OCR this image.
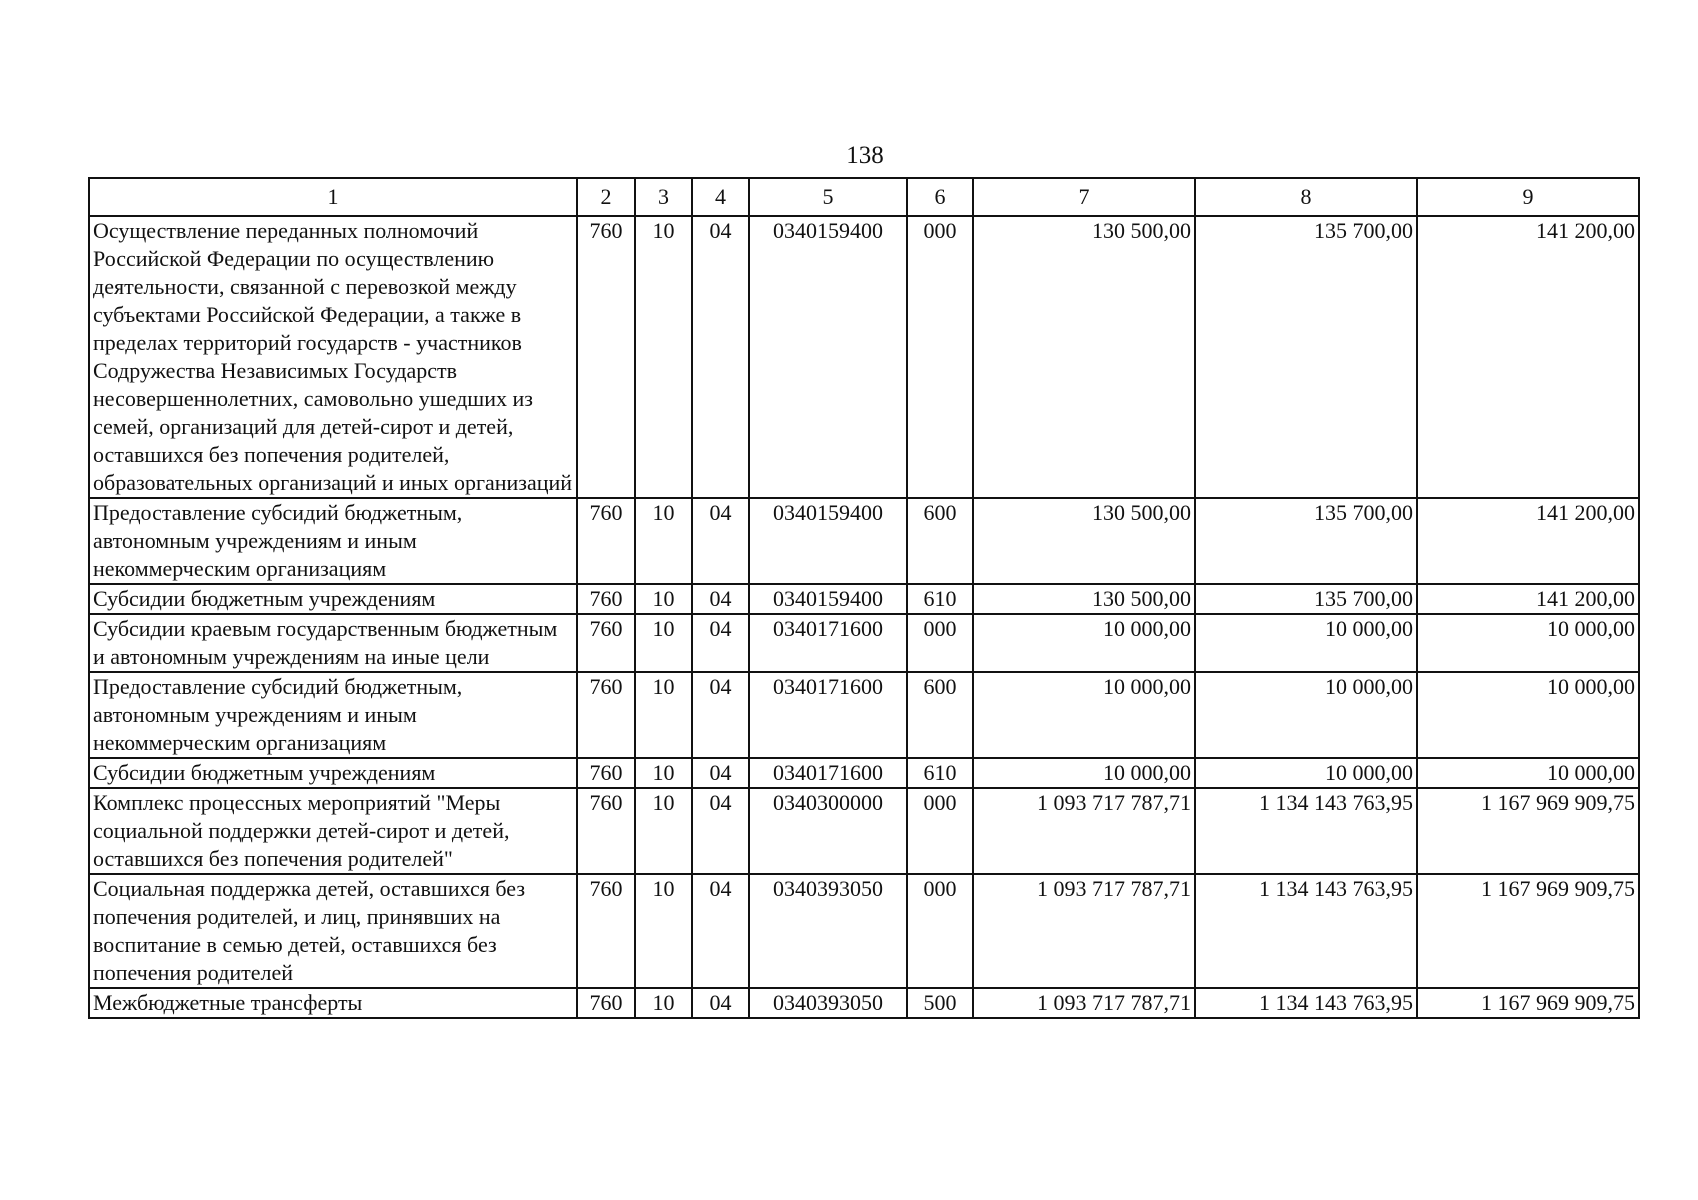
138
1	2	3	4	5	6	7	8	9
Осуществление переданных полномочий Российской Федерации по осуществлению деятельности, связанной с перевозкой между субъектами Российской Федерации, а также в пределах территорий государств - участников Содружества Независимых Государств несовершеннолетних, самовольно ушедших из семей, организаций для детей-сирот и детей, оставшихся без попечения родителей, образовательных организаций и иных организаций	760	10	04	0340159400	000	130 500,00	135 700,00	141 200,00
Предоставление субсидий бюджетным, автономным учреждениям и иным некоммерческим организациям	760	10	04	0340159400	600	130 500,00	135 700,00	141 200,00
Субсидии бюджетным учреждениям	760	10	04	0340159400	610	130 500,00	135 700,00	141 200,00
Субсидии краевым государственным бюджетным и автономным учреждениям на иные цели	760	10	04	0340171600	000	10 000,00	10 000,00	10 000,00
Предоставление субсидий бюджетным, автономным учреждениям и иным некоммерческим организациям	760	10	04	0340171600	600	10 000,00	10 000,00	10 000,00
Субсидии бюджетным учреждениям	760	10	04	0340171600	610	10 000,00	10 000,00	10 000,00
Комплекс процессных мероприятий "Меры социальной поддержки детей-сирот и детей, оставшихся без попечения родителей"	760	10	04	0340300000	000	1 093 717 787,71	1 134 143 763,95	1 167 969 909,75
Социальная поддержка детей, оставшихся без попечения родителей, и лиц, принявших на воспитание в семью детей, оставшихся без попечения родителей	760	10	04	0340393050	000	1 093 717 787,71	1 134 143 763,95	1 167 969 909,75
Межбюджетные трансферты	760	10	04	0340393050	500	1 093 717 787,71	1 134 143 763,95	1 167 969 909,75
